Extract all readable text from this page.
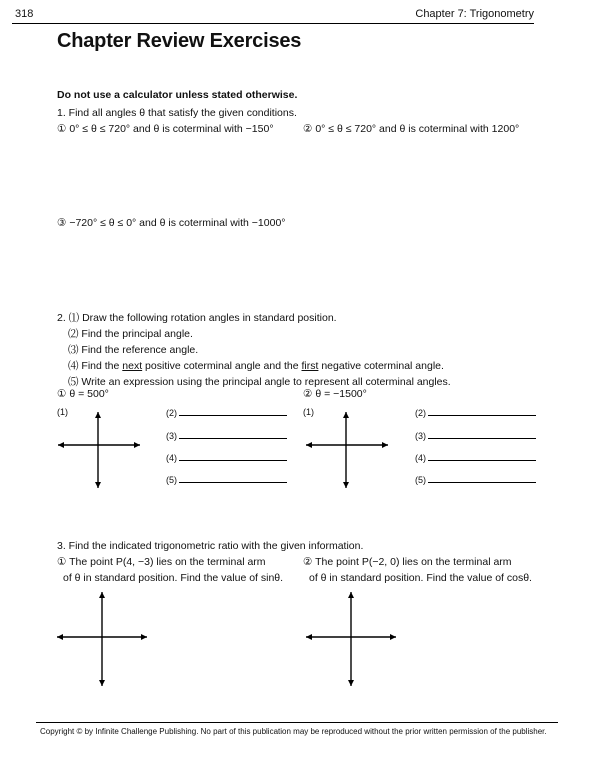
318	Chapter 7: Trigonometry
Chapter Review Exercises
Do not use a calculator unless stated otherwise.
1. Find all angles θ that satisfy the given conditions.
① 0° ≤ θ ≤ 720° and θ is coterminal with −150°	② 0° ≤ θ ≤ 720° and θ is coterminal with 1200°
③ −720° ≤ θ ≤ 0° and θ is coterminal with −1000°
2. ⑴ Draw the following rotation angles in standard position.
⑵ Find the principal angle.
⑶ Find the reference angle.
⑷ Find the next positive coterminal angle and the first negative coterminal angle.
⑸ Write an expression using the principal angle to represent all coterminal angles.
① θ = 500°	② θ = −1500°
(1)	(2)
(3)
(4)
(5)
(1)	(2)
(3)
(4)
(5)
3. Find the indicated trigonometric ratio with the given information.
① The point P(4, −3) lies on the terminal arm
of θ in standard position. Find the value of sinθ.
② The point P(−2, 0) lies on the terminal arm
of θ in standard position. Find the value of cosθ.
Copyright © by Infinite Challenge Publishing. No part of this publication may be reproduced without the prior written permission of the publisher.
